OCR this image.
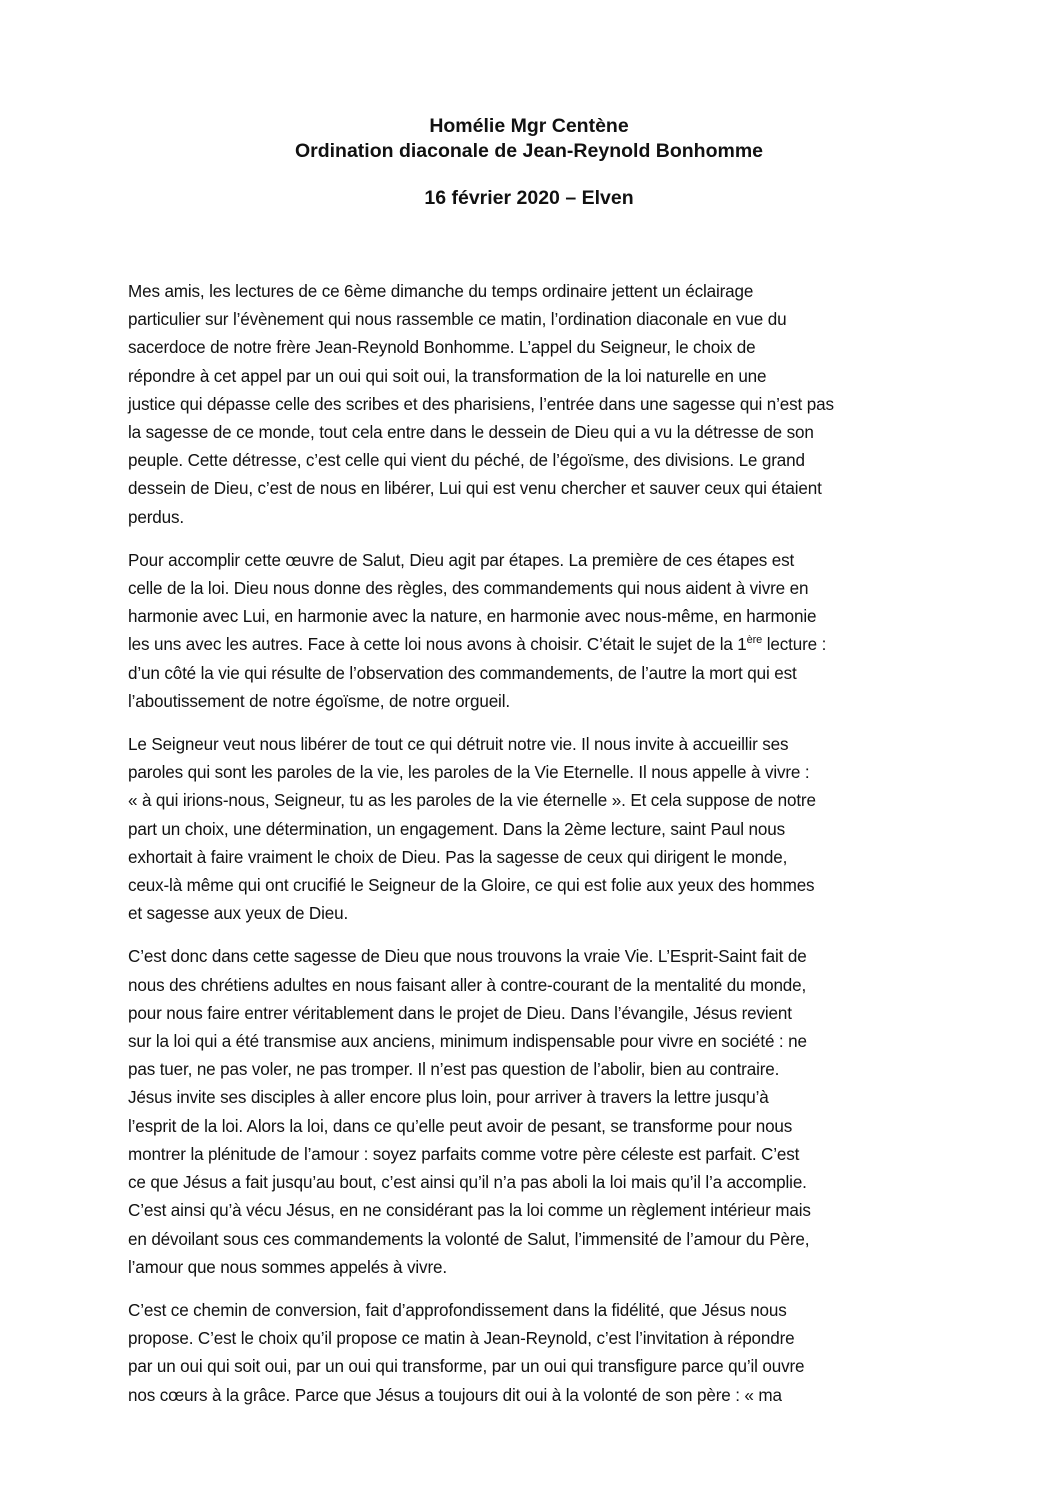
Homélie Mgr Centène
Ordination diaconale de Jean-Reynold Bonhomme
16 février 2020 – Elven

Mes amis, les lectures de ce 6ème dimanche du temps ordinaire jettent un éclairage
particulier sur l’évènement qui nous rassemble ce matin, l’ordination diaconale en vue du
sacerdoce de notre frère Jean-Reynold Bonhomme. L’appel du Seigneur, le choix de
répondre à cet appel par un oui qui soit oui, la transformation de la loi naturelle en une
justice qui dépasse celle des scribes et des pharisiens, l’entrée dans une sagesse qui n’est pas
la sagesse de ce monde, tout cela entre dans le dessein de Dieu qui a vu la détresse de son
peuple. Cette détresse, c’est celle qui vient du péché, de l’égoïsme, des divisions. Le grand
dessein de Dieu, c’est de nous en libérer, Lui qui est venu chercher et sauver ceux qui étaient
perdus.

Pour accomplir cette œuvre de Salut, Dieu agit par étapes. La première de ces étapes est
celle de la loi. Dieu nous donne des règles, des commandements qui nous aident à vivre en
harmonie avec Lui, en harmonie avec la nature, en harmonie avec nous-même, en harmonie
les uns avec les autres. Face à cette loi nous avons à choisir. C’était le sujet de la 1ère lecture :
d’un côté la vie qui résulte de l’observation des commandements, de l’autre la mort qui est
l’aboutissement de notre égoïsme, de notre orgueil.

Le Seigneur veut nous libérer de tout ce qui détruit notre vie. Il nous invite à accueillir ses
paroles qui sont les paroles de la vie, les paroles de la Vie Eternelle. Il nous appelle à vivre :
« à qui irions-nous, Seigneur, tu as les paroles de la vie éternelle ». Et cela suppose de notre
part un choix, une détermination, un engagement. Dans la 2ème lecture, saint Paul nous
exhortait à faire vraiment le choix de Dieu. Pas la sagesse de ceux qui dirigent le monde,
ceux-là même qui ont crucifié le Seigneur de la Gloire, ce qui est folie aux yeux des hommes
et sagesse aux yeux de Dieu.

C’est donc dans cette sagesse de Dieu que nous trouvons la vraie Vie. L’Esprit-Saint fait de
nous des chrétiens adultes en nous faisant aller à contre-courant de la mentalité du monde,
pour nous faire entrer véritablement dans le projet de Dieu. Dans l’évangile, Jésus revient
sur la loi qui a été transmise aux anciens, minimum indispensable pour vivre en société : ne
pas tuer, ne pas voler, ne pas tromper. Il n’est pas question de l’abolir, bien au contraire.
Jésus invite ses disciples à aller encore plus loin, pour arriver à travers la lettre jusqu’à
l’esprit de la loi. Alors la loi, dans ce qu’elle peut avoir de pesant, se transforme pour nous
montrer la plénitude de l’amour : soyez parfaits comme votre père céleste est parfait. C’est
ce que Jésus a fait jusqu’au bout, c’est ainsi qu’il n’a pas aboli la loi mais qu’il l’a accomplie.
C’est ainsi qu’à vécu Jésus, en ne considérant pas la loi comme un règlement intérieur mais
en dévoilant sous ces commandements la volonté de Salut, l’immensité de l’amour du Père,
l’amour que nous sommes appelés à vivre.

C’est ce chemin de conversion, fait d’approfondissement dans la fidélité, que Jésus nous
propose. C’est le choix qu’il propose ce matin à Jean-Reynold, c’est l’invitation à répondre
par un oui qui soit oui, par un oui qui transforme, par un oui qui transfigure parce qu’il ouvre
nos cœurs à la grâce. Parce que Jésus a toujours dit oui à la volonté de son père : « ma
